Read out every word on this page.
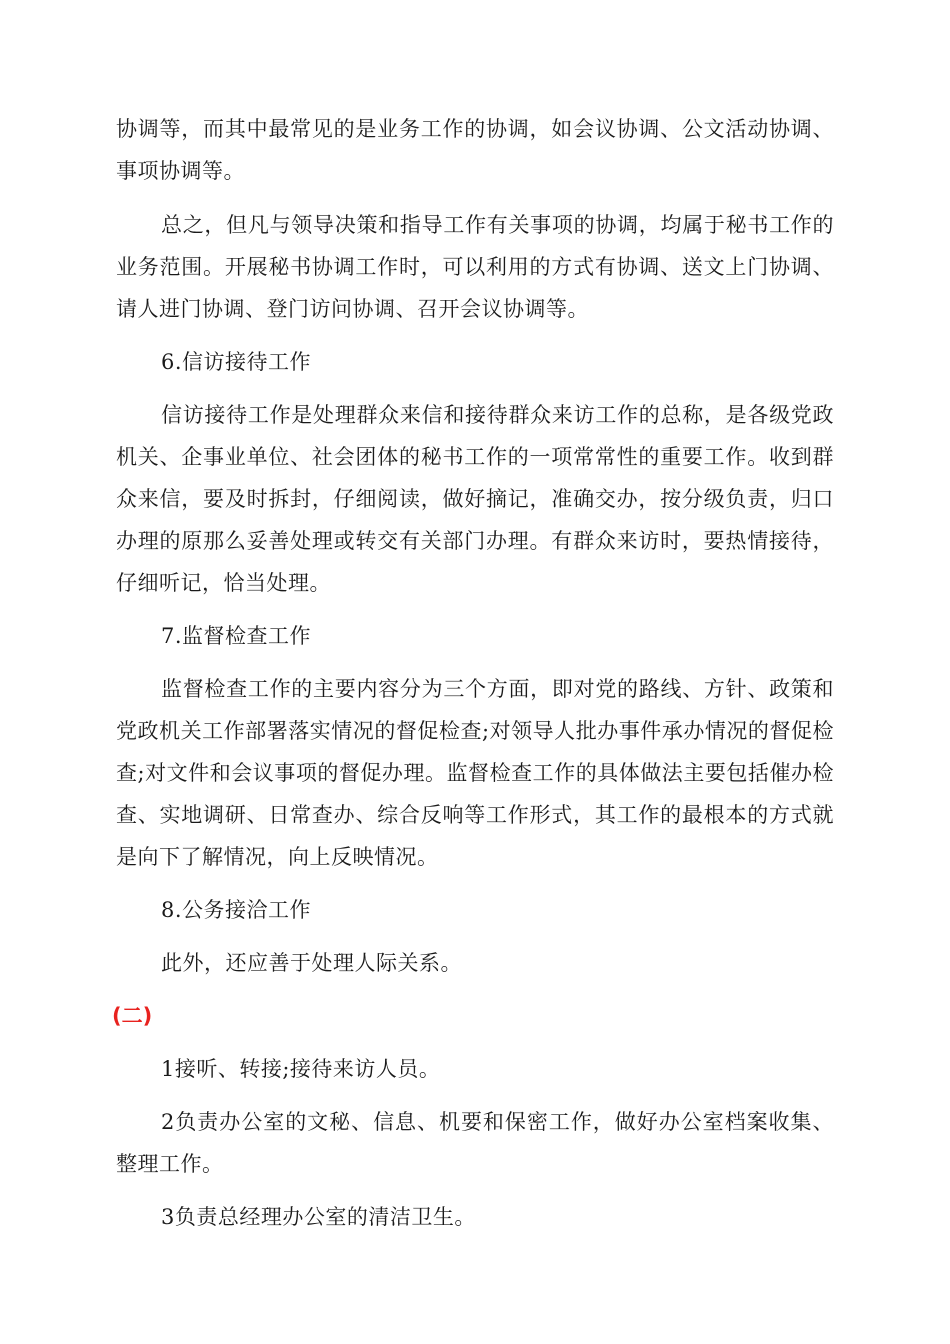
协调等，而其中最常见的是业务工作的协调，如会议协调、公文活动协调、事项协调等。

总之，但凡与领导决策和指导工作有关事项的协调，均属于秘书工作的业务范围。开展秘书协调工作时，可以利用的方式有协调、送文上门协调、请人进门协调、登门访问协调、召开会议协调等。

6.信访接待工作

信访接待工作是处理群众来信和接待群众来访工作的总称，是各级党政机关、企事业单位、社会团体的秘书工作的一项常常性的重要工作。收到群众来信，要及时拆封，仔细阅读，做好摘记，准确交办，按分级负责，归口办理的原那么妥善处理或转交有关部门办理。有群众来访时，要热情接待，仔细听记，恰当处理。

7.监督检查工作

监督检查工作的主要内容分为三个方面，即对党的路线、方针、政策和党政机关工作部署落实情况的督促检查;对领导人批办事件承办情况的督促检查;对文件和会议事项的督促办理。监督检查工作的具体做法主要包括催办检查、实地调研、日常查办、综合反响等工作形式，其工作的最根本的方式就是向下了解情况，向上反映情况。

8.公务接洽工作

此外，还应善于处理人际关系。

(二)

1接听、转接;接待来访人员。

2负责办公室的文秘、信息、机要和保密工作，做好办公室档案收集、整理工作。

3负责总经理办公室的清洁卫生。
